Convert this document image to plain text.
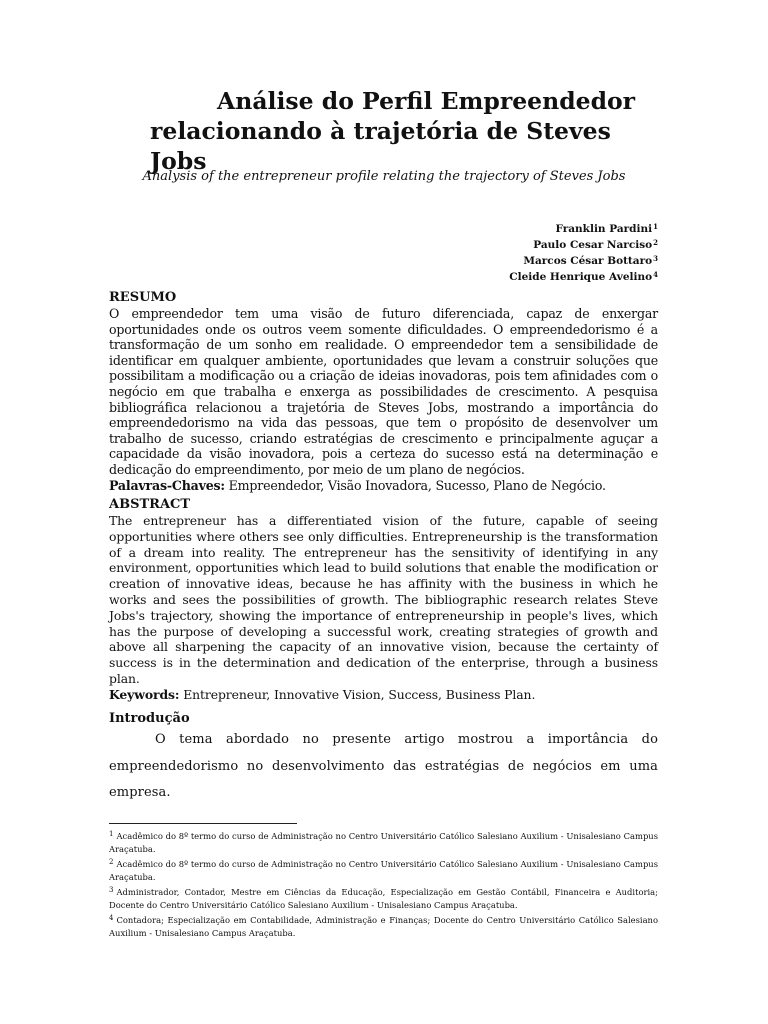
Análise do Perfil Empreendedor
relacionando à trajetória de Steves Jobs
Analysis of the entrepreneur profile relating the trajectory of Steves Jobs
Franklin Pardini$^1$
Paulo Cesar Narciso$^2$
Marcos César Bottaro$^3$
Cleide Henrique Avelino$^4$
RESUMO
O empreendedor tem uma visão de futuro diferenciada, capaz de enxergar oportunidades onde os outros veem somente dificuldades. O empreendedorismo é a transformação de um sonho em realidade. O empreendedor tem a sensibilidade de identificar em qualquer ambiente, oportunidades que levam a construir soluções que possibilitam a modificação ou a criação de ideias inovadoras, pois tem afinidades com o negócio em que trabalha e enxerga as possibilidades de crescimento. A pesquisa bibliográfica relacionou a trajetória de Steves Jobs, mostrando a importância do empreendedorismo na vida das pessoas, que tem o propósito de desenvolver um trabalho de sucesso, criando estratégias de crescimento e principalmente aguçar a capacidade da visão inovadora, pois a certeza do sucesso está na determinação e dedicação do empreendimento, por meio de um plano de negócios.
Palavras-Chaves: Empreendedor, Visão Inovadora, Sucesso, Plano de Negócio.
ABSTRACT
The entrepreneur has a differentiated vision of the future, capable of seeing opportunities where others see only difficulties. Entrepreneurship is the transformation of a dream into reality. The entrepreneur has the sensitivity of identifying in any environment, opportunities which lead to build solutions that enable the modification or creation of innovative ideas, because he has affinity with the business in which he works and sees the possibilities of growth. The bibliographic research relates Steve Jobs's trajectory, showing the importance of entrepreneurship in people's lives, which has the purpose of developing a successful work, creating strategies of growth and above all sharpening the capacity of an innovative vision, because the certainty of success is in the determination and dedication of the enterprise, through a business plan.
Keywords: Entrepreneur, Innovative Vision, Success, Business Plan.
Introdução
O tema abordado no presente artigo mostrou a importância do empreendedorismo no desenvolvimento das estratégias de negócios em uma empresa.
$^1$ Acadêmico do 8º termo do curso de Administração no Centro Universitário Católico Salesiano Auxilium - Unisalesiano Campus Araçatuba.
$^2$ Acadêmico do 8º termo do curso de Administração no Centro Universitário Católico Salesiano Auxilium - Unisalesiano Campus Araçatuba.
$^3$ Administrador, Contador, Mestre em Ciências da Educação, Especialização em Gestão Contábil, Financeira e Auditoria; Docente do Centro Universitário Católico Salesiano Auxilium - Unisalesiano Campus Araçatuba.
$^4$ Contadora; Especialização em Contabilidade, Administração e Finanças; Docente do Centro Universitário Católico Salesiano Auxilium - Unisalesiano Campus Araçatuba.
